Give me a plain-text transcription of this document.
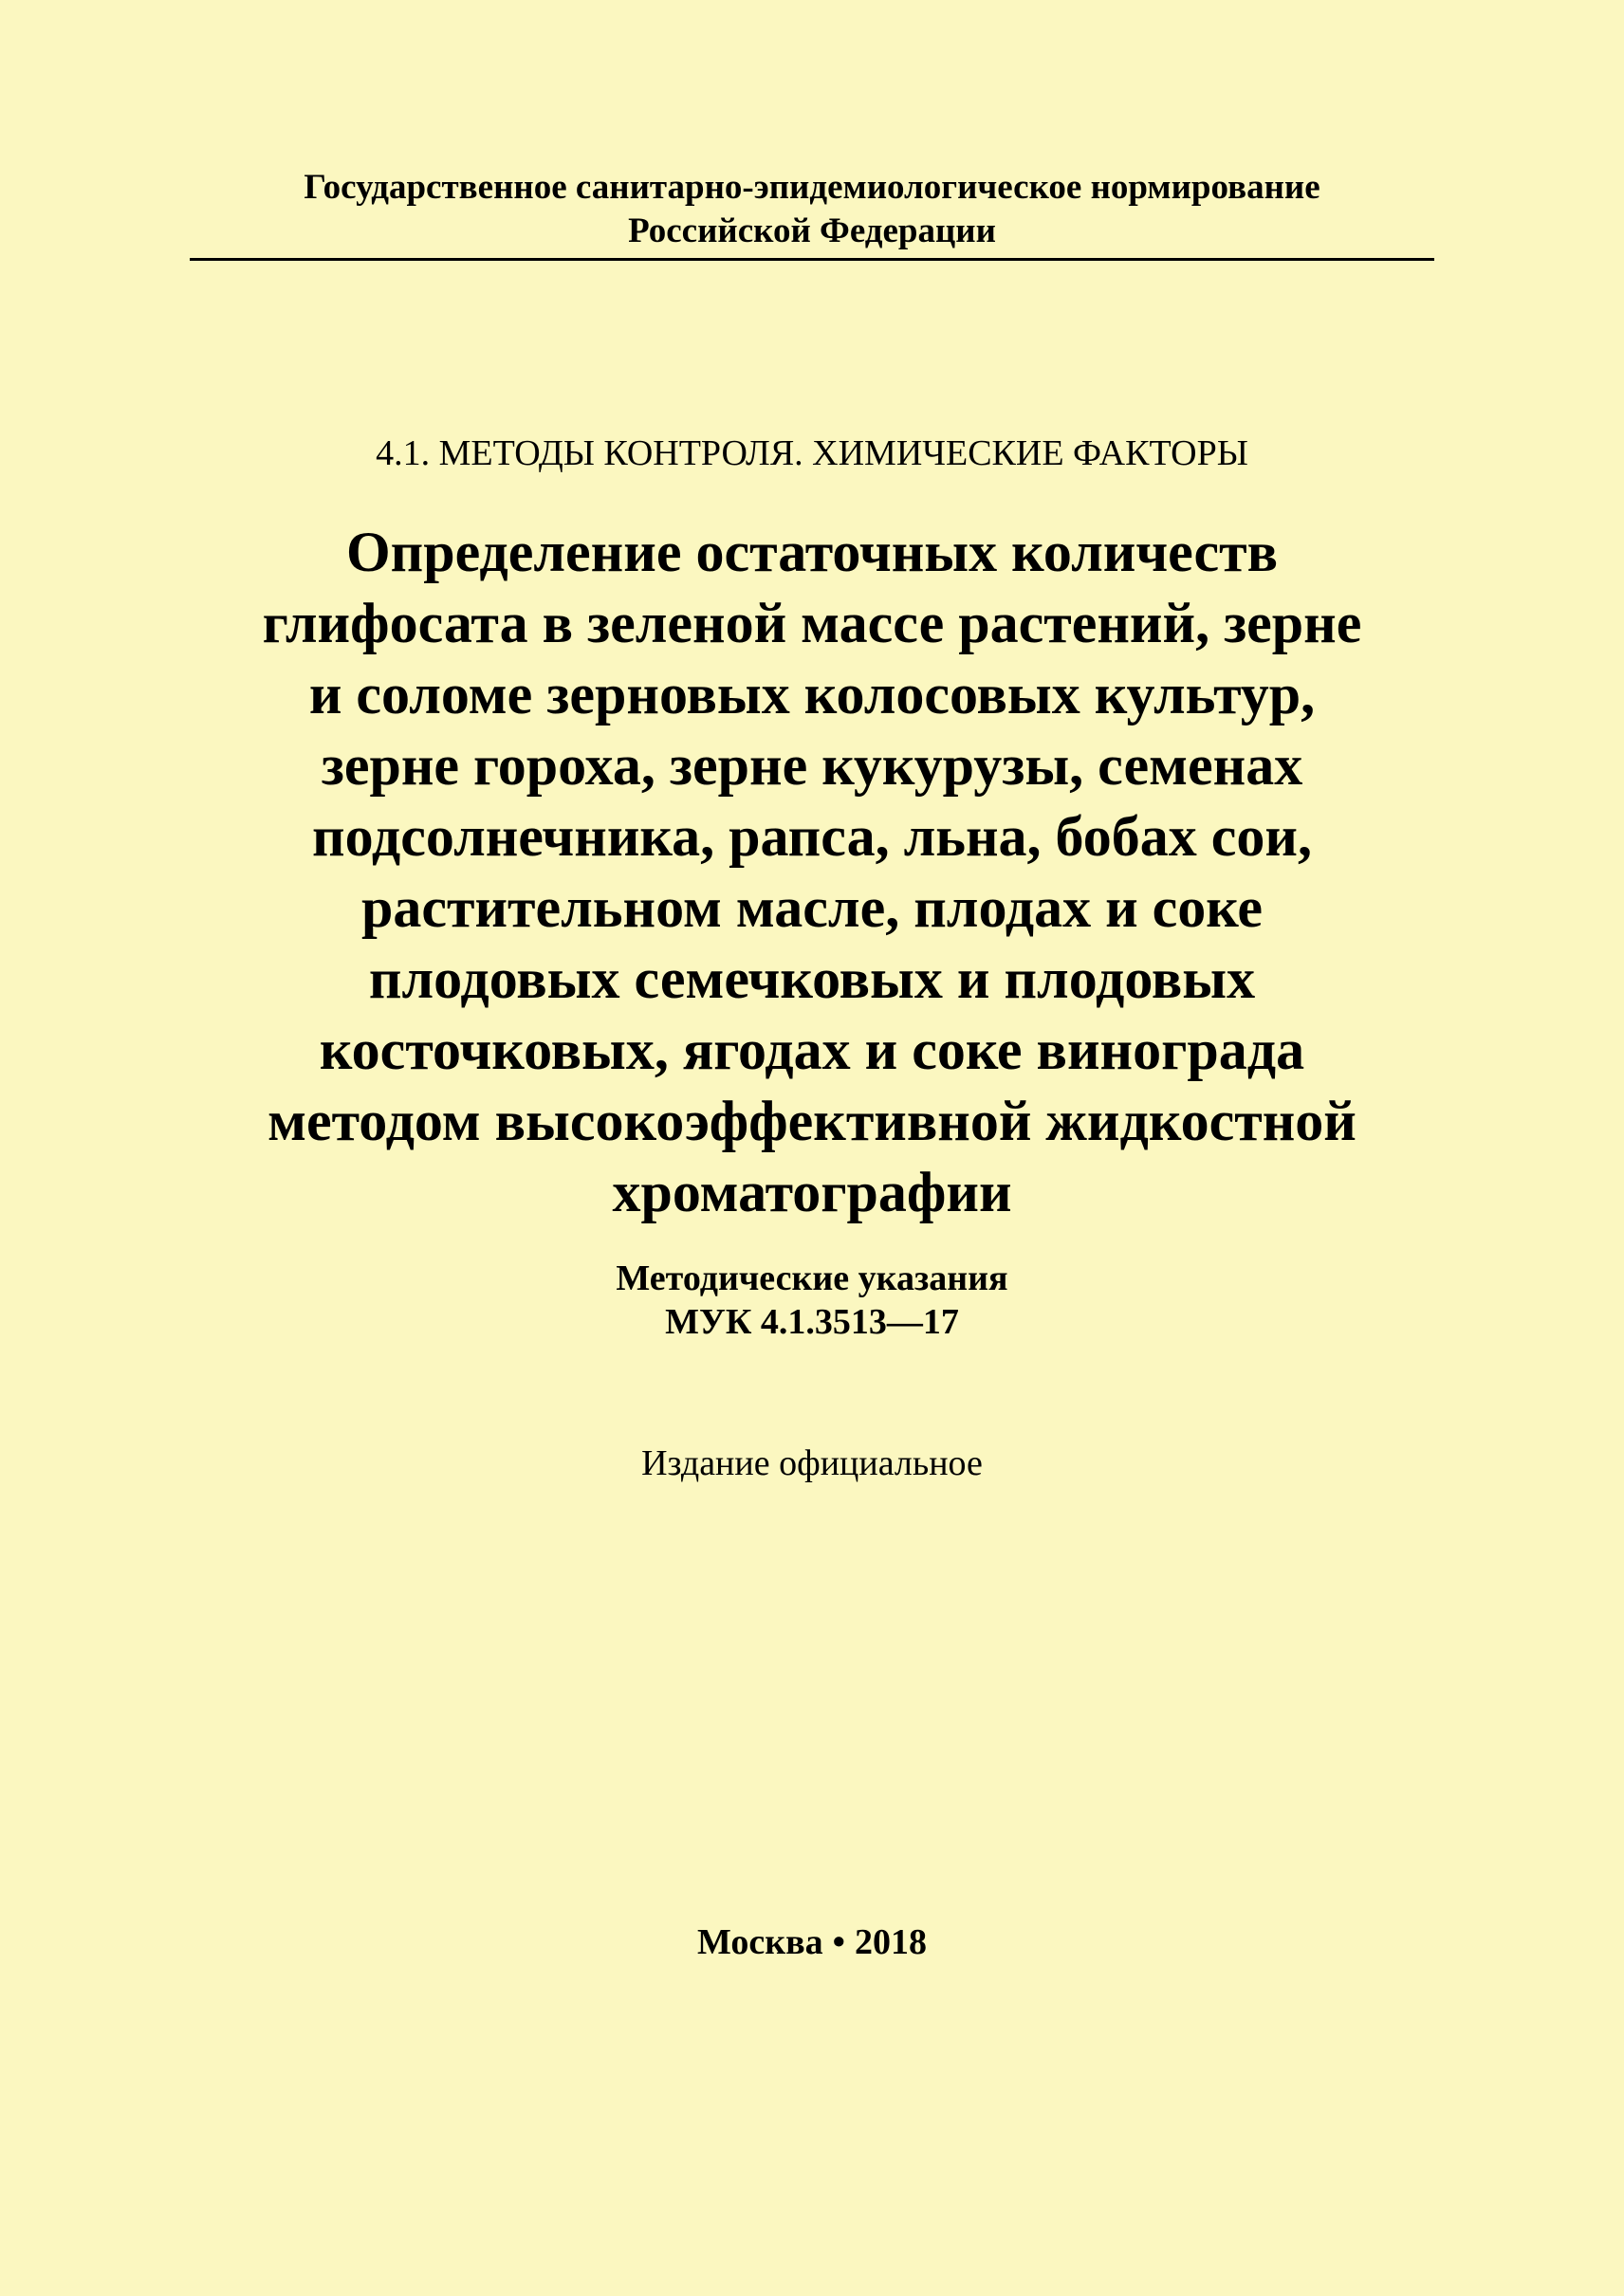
Государственное санитарно-эпидемиологическое нормирование
Российской Федерации
4.1. МЕТОДЫ КОНТРОЛЯ. ХИМИЧЕСКИЕ ФАКТОРЫ
Определение остаточных количеств
глифосата в зеленой массе растений, зерне
и соломе зерновых колосовых культур,
зерне гороха, зерне кукурузы, семенах
подсолнечника, рапса, льна, бобах сои,
растительном масле, плодах и соке
плодовых семечковых и плодовых
косточковых, ягодах и соке винограда
методом высокоэффективной жидкостной
хроматографии
Методические указания
МУК 4.1.3513—17
Издание официальное
Москва • 2018
